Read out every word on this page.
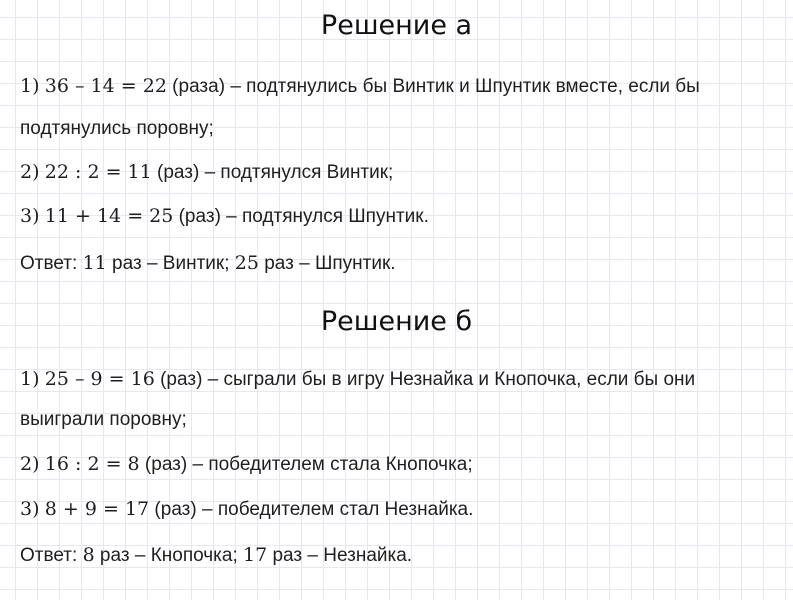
Решение а
1) 36 – 14 = 22 (раза) – подтянулись бы Винтик и Шпунтик вместе, если бы
подтянулись поровну;
2) 22 : 2 = 11 (раз) – подтянулся Винтик;
3) 11 + 14 = 25 (раз) – подтянулся Шпунтик.
Ответ: 11 раз – Винтик; 25 раз – Шпунтик.
Решение б
1) 25 – 9 = 16 (раз) – сыграли бы в игру Незнайка и Кнопочка, если бы они
выиграли поровну;
2) 16 : 2 = 8 (раз) – победителем стала Кнопочка;
3) 8 + 9 = 17 (раз) – победителем стал Незнайка.
Ответ: 8 раз – Кнопочка; 17 раз – Незнайка.
